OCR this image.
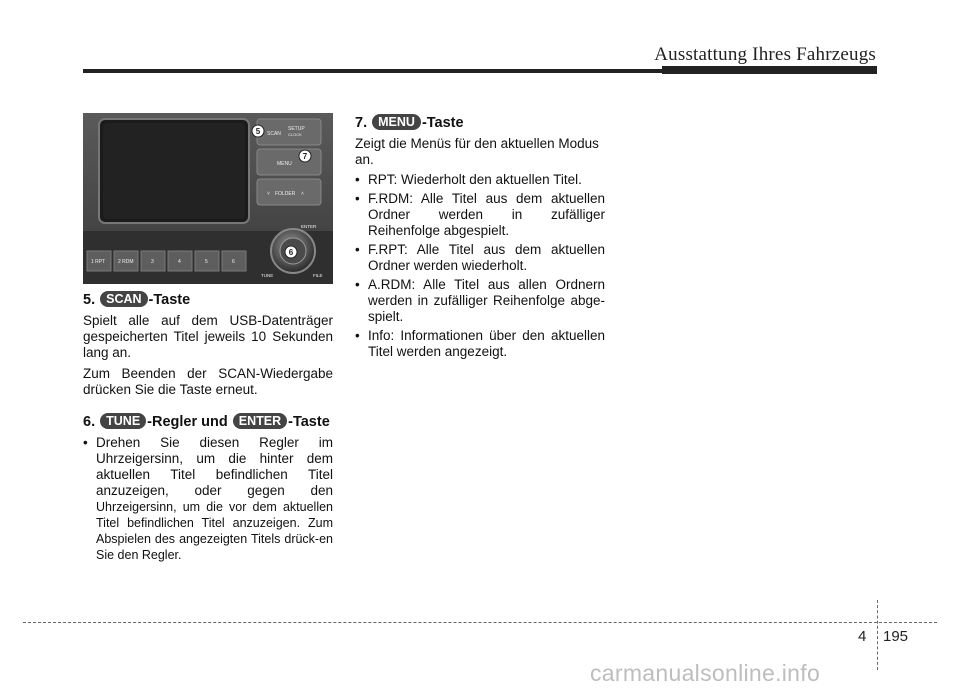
Ausstattung Ihres Fahrzeugs
SCAN
SETUP
CLOCK
MENU
FOLDER
˅	˄
1 RPT	2 RDM	3	4	5	6
ENTER
TUNE	FILE
5
7
6
5. SCAN -Taste

Spielt alle auf dem USB-Datenträger gespeicherten Titel jeweils 10 Sekunden lang an.

Zum Beenden der SCAN-Wiedergabe drücken Sie die Taste erneut.

6. TUNE -Regler und ENTER -Taste
• Drehen Sie diesen Regler im Uhrzeigersinn, um die hinter dem aktuellen Titel befindlichen Titel anzuzeigen, oder gegen den Uhrzeigersinn, um die vor dem aktuellen Titel befindlichen Titel anzuzeigen. Zum Abspielen des angezeigten Titels drück-en Sie den Regler.
7. MENU -Taste

Zeigt die Menüs für den aktuellen Modus an.

• RPT: Wiederholt den aktuellen Titel.
• F.RDM: Alle Titel aus dem aktuellen Ordner werden in zufälliger Reihenfolge abgespielt.
• F.RPT: Alle Titel aus dem aktuellen Ordner werden wiederholt.
• A.RDM: Alle Titel aus allen Ordnern werden in zufälliger Reihenfolge abge-spielt.
• Info: Informationen über den aktuellen Titel werden angezeigt.
4 195
carmanualsonline.info
